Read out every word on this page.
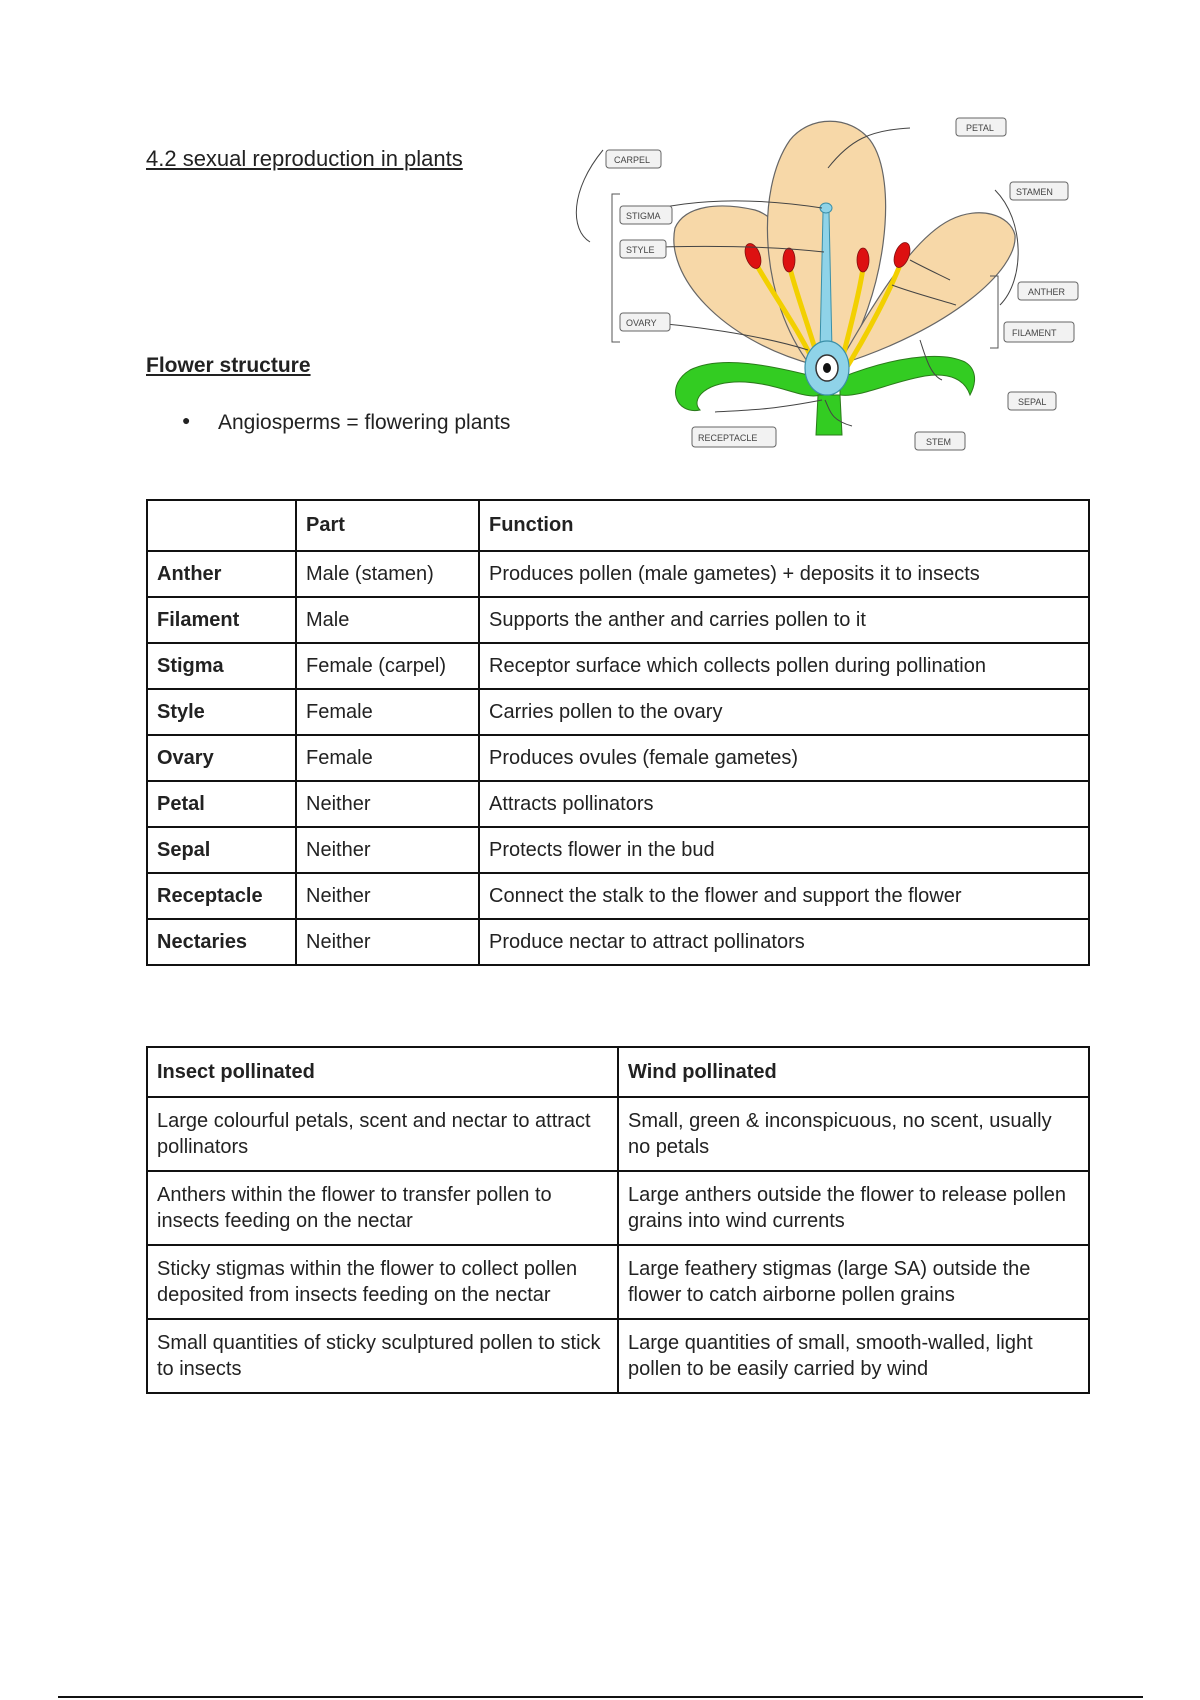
4.2 sexual reproduction in plants	CARPEL
STIGMA
STYLE
OVARY
PETAL
STAMEN
ANTHER
FILAMENT
SEPAL
RECEPTACLE	STEM
Flower structure
● Angiosperms = flowering plants
	Part	Function
Anther	Male (stamen)	Produces pollen (male gametes) + deposits it to insects
Filament	Male	Supports the anther and carries pollen to it
Stigma	Female (carpel)	Receptor surface which collects pollen during pollination
Style	Female	Carries pollen to the ovary
Ovary	Female	Produces ovules (female gametes)
Petal	Neither	Attracts pollinators
Sepal	Neither	Protects flower in the bud
Receptacle	Neither	Connect the stalk to the flower and support the flower
Nectaries	Neither	Produce nectar to attract pollinators
Insect pollinated	Wind pollinated
Large colourful petals, scent and nectar to attract pollinators	Small, green & inconspicuous, no scent, usually no petals
Anthers within the flower to transfer pollen to insects feeding on the nectar	Large anthers outside the flower to release pollen grains into wind currents
Sticky stigmas within the flower to collect pollen deposited from insects feeding on the nectar	Large feathery stigmas (large SA) outside the flower to catch airborne pollen grains
Small quantities of sticky sculptured pollen to stick to insects	Large quantities of small, smooth-walled, light pollen to be easily carried by wind
